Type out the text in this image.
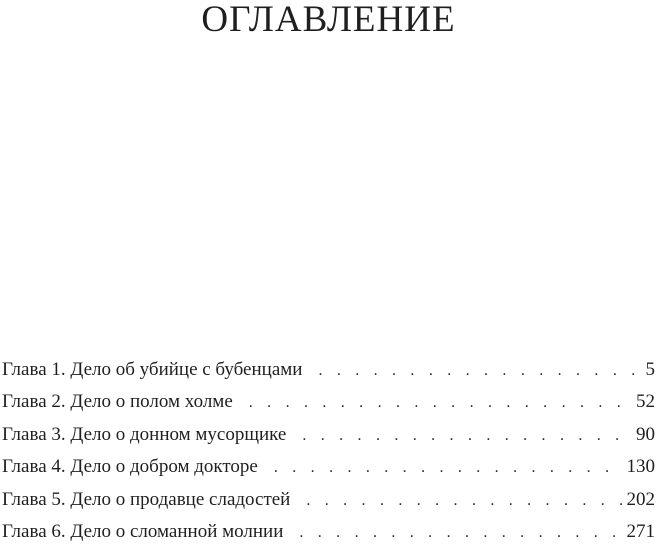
ОГЛАВЛЕНИЕ
Глава 1. Дело об убийце с бубенцами . . .	5
Глава 2. Дело о полом холме . . .	52
Глава 3. Дело о донном мусорщике . . .	90
Глава 4. Дело о добром докторе . . .	130
Глава 5. Дело о продавце сладостей . . .	202
Глава 6. Дело о сломанной молнии . . .	271
